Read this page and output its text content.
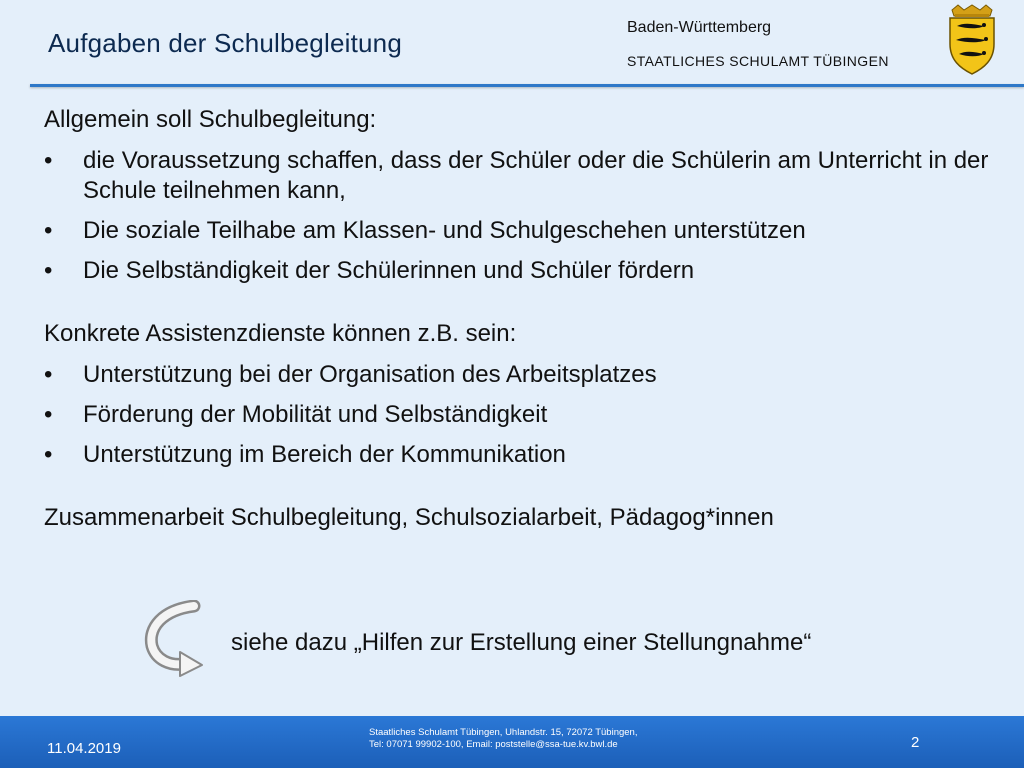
Aufgaben der Schulbegleitung
Baden-Württemberg
STAATLICHES SCHULAMT TÜBINGEN

Allgemein soll Schulbegleitung:

• die Voraussetzung schaffen, dass der Schüler oder die Schülerin am Unterricht in der Schule teilnehmen kann,
• Die soziale Teilhabe am Klassen- und Schulgeschehen unterstützen
• Die Selbständigkeit der Schülerinnen und Schüler fördern

Konkrete Assistenzdienste können z.B. sein:

• Unterstützung bei der Organisation des Arbeitsplatzes
• Förderung der Mobilität und Selbständigkeit
• Unterstützung im Bereich der Kommunikation

Zusammenarbeit Schulbegleitung, Schulsozialarbeit, Pädagog*innen

siehe dazu „Hilfen zur Erstellung einer Stellungnahme“
11.04.2019
Staatliches Schulamt Tübingen, Uhlandstr. 15, 72072 Tübingen,
Tel: 07071 99902-100, Email: poststelle@ssa-tue.kv.bwl.de	2
